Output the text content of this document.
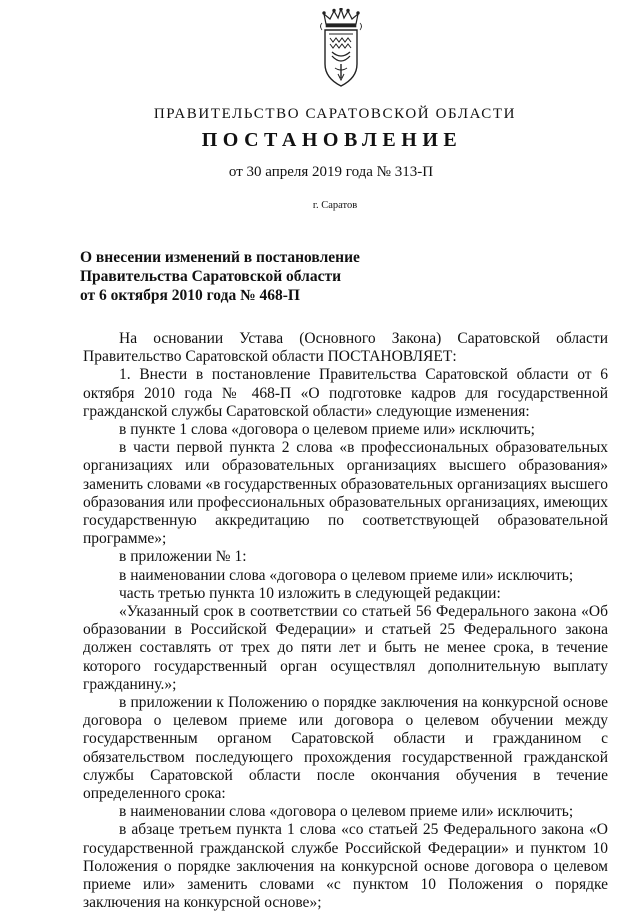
ПРАВИТЕЛЬСТВО САРАТОВСКОЙ ОБЛАСТИ
ПОСТАНОВЛЕНИЕ
от 30 апреля 2019 года № 313-П
г. Саратов
О внесении изменений в постановление
Правительства Саратовской области
от 6 октября 2010 года № 468-П

На основании Устава (Основного Закона) Саратовской области Правительство Саратовской области ПОСТАНОВЛЯЕТ:

1. Внести в постановление Правительства Саратовской области от 6 октября 2010 года № 468-П «О подготовке кадров для государственной гражданской службы Саратовской области» следующие изменения:

в пункте 1 слова «договора о целевом приеме или» исключить;

в части первой пункта 2 слова «в профессиональных образовательных организациях или образовательных организациях высшего образования» заменить словами «в государственных образовательных организациях высшего образования или профессиональных образовательных организациях, имеющих государственную аккредитацию по соответствующей образовательной программе»;

в приложении № 1:

в наименовании слова «договора о целевом приеме или» исключить;

часть третью пункта 10 изложить в следующей редакции:

«Указанный срок в соответствии со статьей 56 Федерального закона «Об образовании в Российской Федерации» и статьей 25 Федерального закона должен составлять от трех до пяти лет и быть не менее срока, в течение которого государственный орган осуществлял дополнительную выплату гражданину.»;

в приложении к Положению о порядке заключения на конкурсной основе договора о целевом приеме или договора о целевом обучении между государственным органом Саратовской области и гражданином с обязательством последующего прохождения государственной гражданской службы Саратовской области после окончания обучения в течение определенного срока:

в наименовании слова «договора о целевом приеме или» исключить;

в абзаце третьем пункта 1 слова «со статьей 25 Федерального закона «О государственной гражданской службе Российской Федерации» и пунктом 10 Положения о порядке заключения на конкурсной основе договора о целевом приеме или» заменить словами «с пунктом 10 Положения о порядке заключения на конкурсной основе»;
